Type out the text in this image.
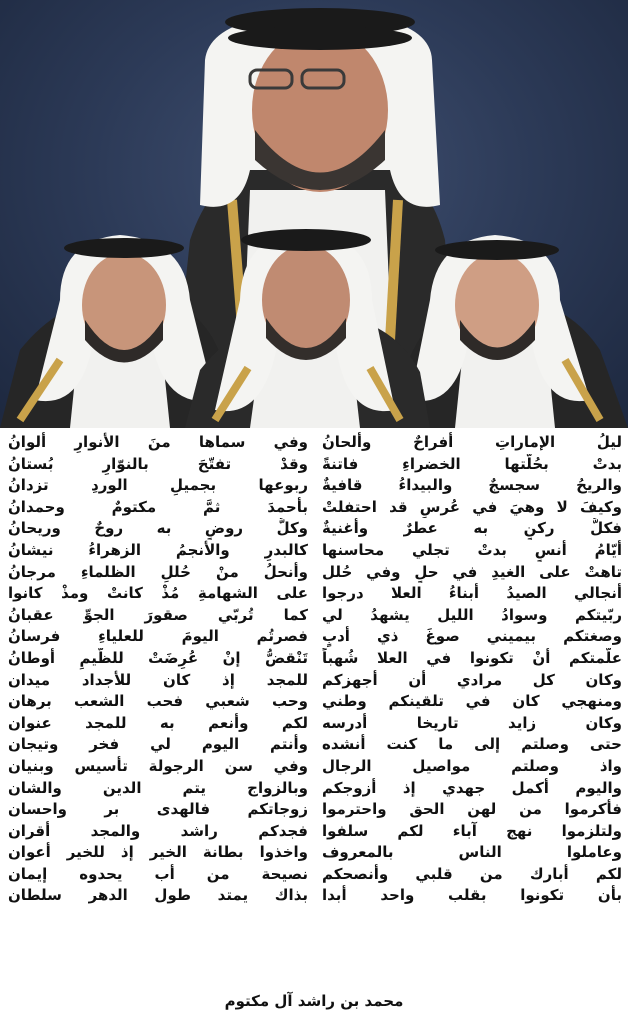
ليلُ الإماراتِ أفراحٌ وألحانُ
بدتْ بحُلّتها الخضراءِ فاتنةً
والريحُ سجسجٌ والبيداءُ قافيةٌ
وكيفَ لا وهيَ في عُرسٍ قد احتفلتْ
فكلُّ ركنٍ به عطرٌ وأغنيةٌ
أيّامُ أنسٍ بدتْ تجلي محاسنها
تاهتْ على الغيدِ في حلٍ وفي حُلل
أنجالي الصيدُ أبناءُ العلا درجوا
ربّيتكم وسوادُ الليل يشهدُ لي
وصغتكم بيميني صوغَ ذي أدبٍ
علّمتكم أنْ تكونوا في العلا شُهباً
وكان كل مرادي أن أجهزكم
ومنهجي كان في تلقينكم وطني
وكان زايد تاريخا أدرسه
حتى وصلتم إلى ما كنت أنشده
واذ وصلتم مواصيل الرجال
واليوم أكمل جهدي إذ أزوجكم
فأكرموا من لهن الحق واحترموا
ولتلزموا نهج آباء لكم سلفوا
وعاملوا الناس بالمعروف
لكم أبارك من قلبي وأنصحكم
بأن تكونوا بقلب واحد أبدا
وفي سماها منَ الأنوارِ ألوانُ
وقدْ تفتّحَ بالنوّارِ بُستانُ
ربوعها بجميلِ الوردِ تزدانُ
بأحمدَ ثمَّ مكتومٌ وحمدانُ
وكلُّ روضٍ به روحٌ وريحانُ
كالبدرِ والأنجمُ الزهراءُ نيشانُ
وأنحلُ منْ حُللِ الظلماءِ مرجانُ
على الشهامةِ مُذْ كانتْ ومذْ كانوا
كما تُربّي صقورَ الجوِّ عقبانُ
فصرتُم اليومَ للعلياءِ فرسانُ
تَنْقضُّ إنْ عُرِضَتْ للظّيمِ أوطانُ
للمجد إذ كان للأجداد ميدان
وحب شعبي فحب الشعب برهان
لكم وأنعم به للمجد عنوان
وأنتم اليوم لي فخر وتيجان
وفي سن الرجولة تأسيس وبنيان
وبالزواج يتم الدين والشان
زوجاتكم فالهدى بر واحسان
فجدكم راشد والمجد أقران
واخذوا بطانة الخير إذ للخير أعوان
نصيحة من أب يحدوه إيمان
بذاك يمتد طول الدهر سلطان
محمد بن راشد آل مكتوم
